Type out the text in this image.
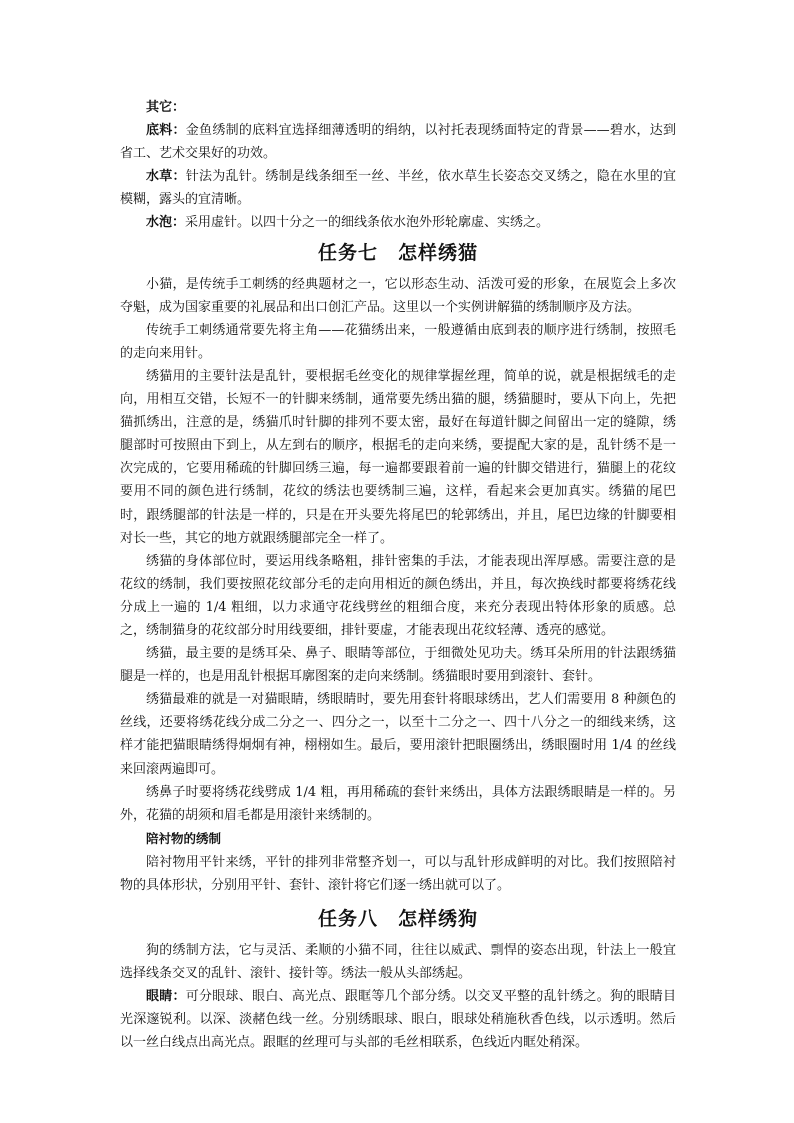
其它：

底料：金鱼绣制的底料宜选择细薄透明的绢纳，以衬托表现绣面特定的背景——碧水，达到省工、艺术交果好的功效。

水草：针法为乱针。绣制是线条细至一丝、半丝，依水草生长姿态交叉绣之，隐在水里的宜模糊，露头的宜清晰。

水泡：采用虚针。以四十分之一的细线条依水泡外形轮廓虚、实绣之。

任务七 怎样绣猫

小猫，是传统手工刺绣的经典题材之一，它以形态生动、活泼可爱的形象，在展览会上多次夺魁，成为国家重要的礼展品和出口创汇产品。这里以一个实例讲解猫的绣制顺序及方法。

传统手工刺绣通常要先将主角——花猫绣出来，一般遵循由底到表的顺序进行绣制，按照毛的走向来用针。

绣猫用的主要针法是乱针，要根据毛丝变化的规律掌握丝理，简单的说，就是根据绒毛的走向，用相互交错，长短不一的针脚来绣制，通常要先绣出猫的腿，绣猫腿时，要从下向上，先把猫抓绣出，注意的是，绣猫爪时针脚的排列不要太密，最好在每道针脚之间留出一定的缝隙，绣腿部时可按照由下到上，从左到右的顺序，根据毛的走向来绣，要提配大家的是，乱针绣不是一次完成的，它要用稀疏的针脚回绣三遍，每一遍都要跟着前一遍的针脚交错进行，猫腿上的花纹要用不同的颜色进行绣制，花纹的绣法也要绣制三遍，这样，看起来会更加真实。绣猫的尾巴时，跟绣腿部的针法是一样的，只是在开头要先将尾巴的轮郭绣出，并且，尾巴边缘的针脚要相对长一些，其它的地方就跟绣腿部完全一样了。

绣猫的身体部位时，要运用线条略粗，排针密集的手法，才能表现出浑厚感。需要注意的是花纹的绣制，我们要按照花纹部分毛的走向用相近的颜色绣出，并且，每次换线时都要将绣花线分成上一遍的 1/4 粗细，以力求通守花线劈丝的粗细合度，来充分表现出特体形象的质感。总之，绣制猫身的花纹部分时用线要细，排针要虚，才能表现出花纹轻薄、透亮的感觉。

绣猫，最主要的是绣耳朵、鼻子、眼睛等部位，于细微处见功夫。绣耳朵所用的针法跟绣猫腿是一样的，也是用乱针根据耳廓图案的走向来绣制。绣猫眼时要用到滚针、套针。

绣猫最难的就是一对猫眼睛，绣眼睛时，要先用套针将眼球绣出，艺人们需要用 8 种颜色的丝线，还要将绣花线分成二分之一、四分之一，以至十二分之一、四十八分之一的细线来绣，这样才能把猫眼睛绣得炯炯有神，栩栩如生。最后，要用滚针把眼圈绣出，绣眼圈时用 1/4 的丝线来回滚两遍即可。

绣鼻子时要将绣花线劈成 1/4 粗，再用稀疏的套针来绣出，具体方法跟绣眼睛是一样的。另外，花猫的胡须和眉毛都是用滚针来绣制的。

陪衬物的绣制

陪衬物用平针来绣，平针的排列非常整齐划一，可以与乱针形成鲜明的对比。我们按照陪衬物的具体形状，分别用平针、套针、滚针将它们逐一绣出就可以了。

任务八 怎样绣狗

狗的绣制方法，它与灵活、柔顺的小猫不同，往往以威武、剽悍的姿态出现，针法上一般宜选择线条交叉的乱针、滚针、接针等。绣法一般从头部绣起。

眼睛：可分眼球、眼白、高光点、跟眶等几个部分绣。以交叉平整的乱针绣之。狗的眼睛目光深邃锐利。以深、淡赭色线一丝。分别绣眼球、眼白，眼球处稍施秋香色线，以示透明。然后以一丝白线点出高光点。跟眶的丝理可与头部的毛丝相联系，色线近内眶处稍深。
